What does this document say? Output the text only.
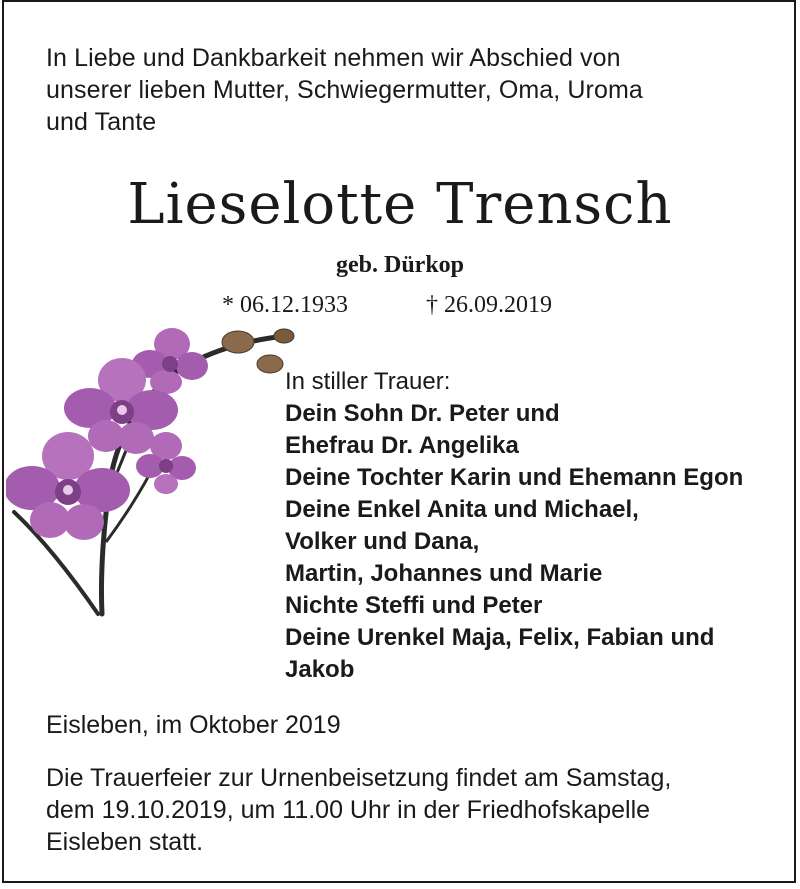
In Liebe und Dankbarkeit nehmen wir Abschied von
unserer lieben Mutter, Schwiegermutter, Oma, Uroma
und Tante
Lieselotte Trensch
geb. Dürkop
* 06.12.1933	† 26.09.2019
In stiller Trauer:
Dein Sohn Dr. Peter und
Ehefrau Dr. Angelika
Deine Tochter Karin und Ehemann Egon
Deine Enkel Anita und Michael,
Volker und Dana,
Martin, Johannes und Marie
Nichte Steffi und Peter
Deine Urenkel Maja, Felix, Fabian und
Jakob
Eisleben, im Oktober 2019
Die Trauerfeier zur Urnenbeisetzung findet am Samstag,
dem 19.10.2019, um 11.00 Uhr in der Friedhofskapelle
Eisleben statt.
